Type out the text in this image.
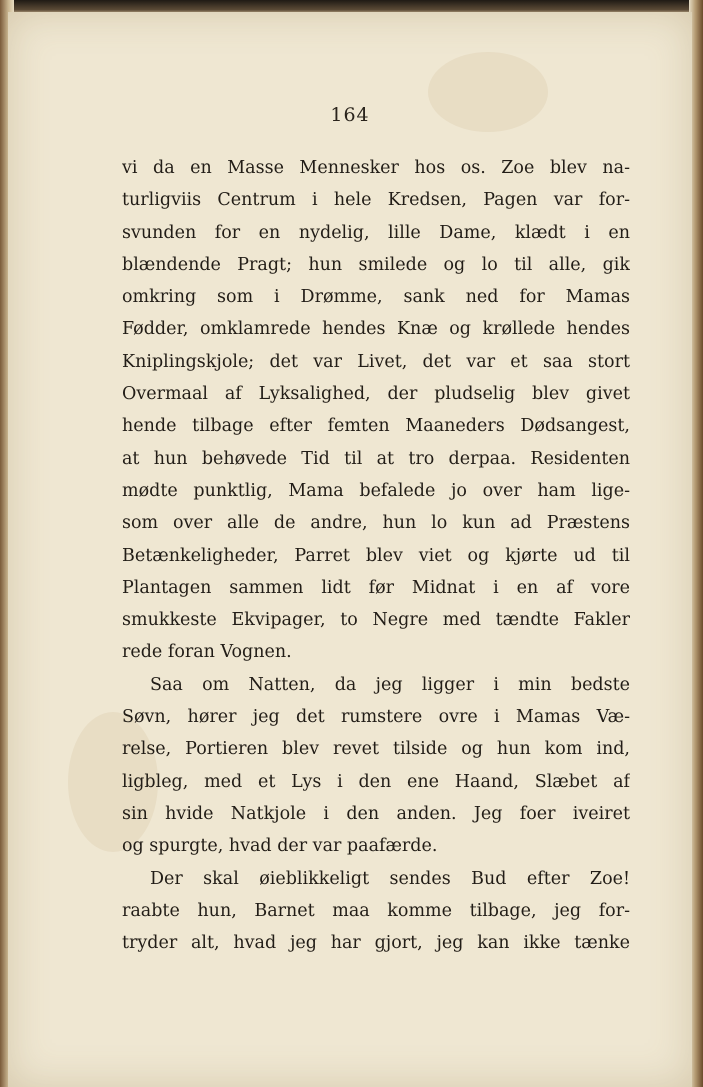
164
vi da en Masse Mennesker hos os. Zoe blev na-
turligviis Centrum i hele Kredsen, Pagen var for-
svunden for en nydelig, lille Dame, klædt i en
blændende Pragt; hun smilede og lo til alle, gik
omkring som i Drømme, sank ned for Mamas
Fødder, omklamrede hendes Knæ og krøllede hendes
Kniplingskjole; det var Livet, det var et saa stort
Overmaal af Lyksalighed, der pludselig blev givet
hende tilbage efter femten Maaneders Dødsangest,
at hun behøvede Tid til at tro derpaa. Residenten
mødte punktlig, Mama befalede jo over ham lige-
som over alle de andre, hun lo kun ad Præstens
Betænkeligheder, Parret blev viet og kjørte ud til
Plantagen sammen lidt før Midnat i en af vore
smukkeste Ekvipager, to Negre med tændte Fakler
rede foran Vognen.
Saa om Natten, da jeg ligger i min bedste
Søvn, hører jeg det rumstere ovre i Mamas Væ-
relse, Portieren blev revet tilside og hun kom ind,
ligbleg, med et Lys i den ene Haand, Slæbet af
sin hvide Natkjole i den anden. Jeg foer iveiret
og spurgte, hvad der var paafærde.
Der skal øieblikkeligt sendes Bud efter Zoe!
raabte hun, Barnet maa komme tilbage, jeg for-
tryder alt, hvad jeg har gjort, jeg kan ikke tænke
